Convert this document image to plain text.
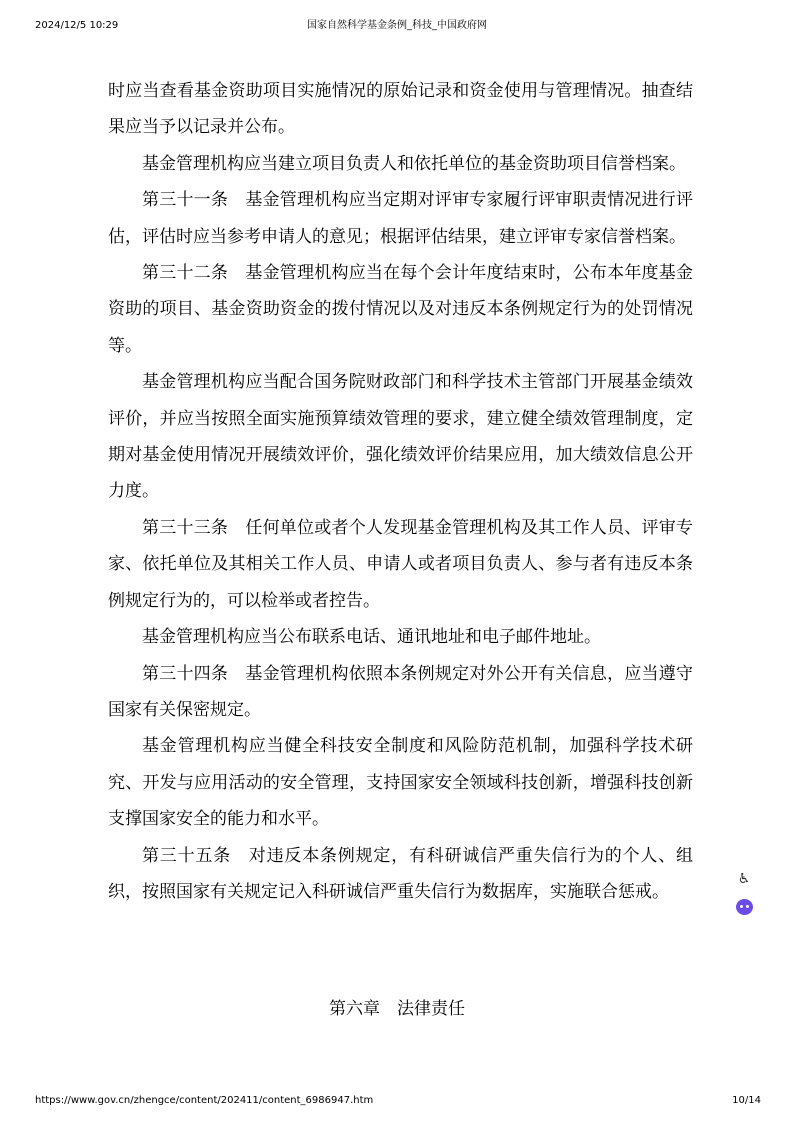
2024/12/5 10:29	国家自然科学基金条例_科技_中国政府网

时应当查看基金资助项目实施情况的原始记录和资金使用与管理情况。抽查结果应当予以记录并公布。

基金管理机构应当建立项目负责人和依托单位的基金资助项目信誉档案。

第三十一条　基金管理机构应当定期对评审专家履行评审职责情况进行评估，评估时应当参考申请人的意见；根据评估结果，建立评审专家信誉档案。

第三十二条　基金管理机构应当在每个会计年度结束时，公布本年度基金资助的项目、基金资助资金的拨付情况以及对违反本条例规定行为的处罚情况等。

基金管理机构应当配合国务院财政部门和科学技术主管部门开展基金绩效评价，并应当按照全面实施预算绩效管理的要求，建立健全绩效管理制度，定期对基金使用情况开展绩效评价，强化绩效评价结果应用，加大绩效信息公开力度。

第三十三条　任何单位或者个人发现基金管理机构及其工作人员、评审专家、依托单位及其相关工作人员、申请人或者项目负责人、参与者有违反本条例规定行为的，可以检举或者控告。

基金管理机构应当公布联系电话、通讯地址和电子邮件地址。

第三十四条　基金管理机构依照本条例规定对外公开有关信息，应当遵守国家有关保密规定。

基金管理机构应当健全科技安全制度和风险防范机制，加强科学技术研究、开发与应用活动的安全管理，支持国家安全领域科技创新，增强科技创新支撑国家安全的能力和水平。

第三十五条　对违反本条例规定，有科研诚信严重失信行为的个人、组织，按照国家有关规定记入科研诚信严重失信行为数据库，实施联合惩戒。

第六章　法律责任
♿
https://www.gov.cn/zhengce/content/202411/content_6986947.htm	10/14
